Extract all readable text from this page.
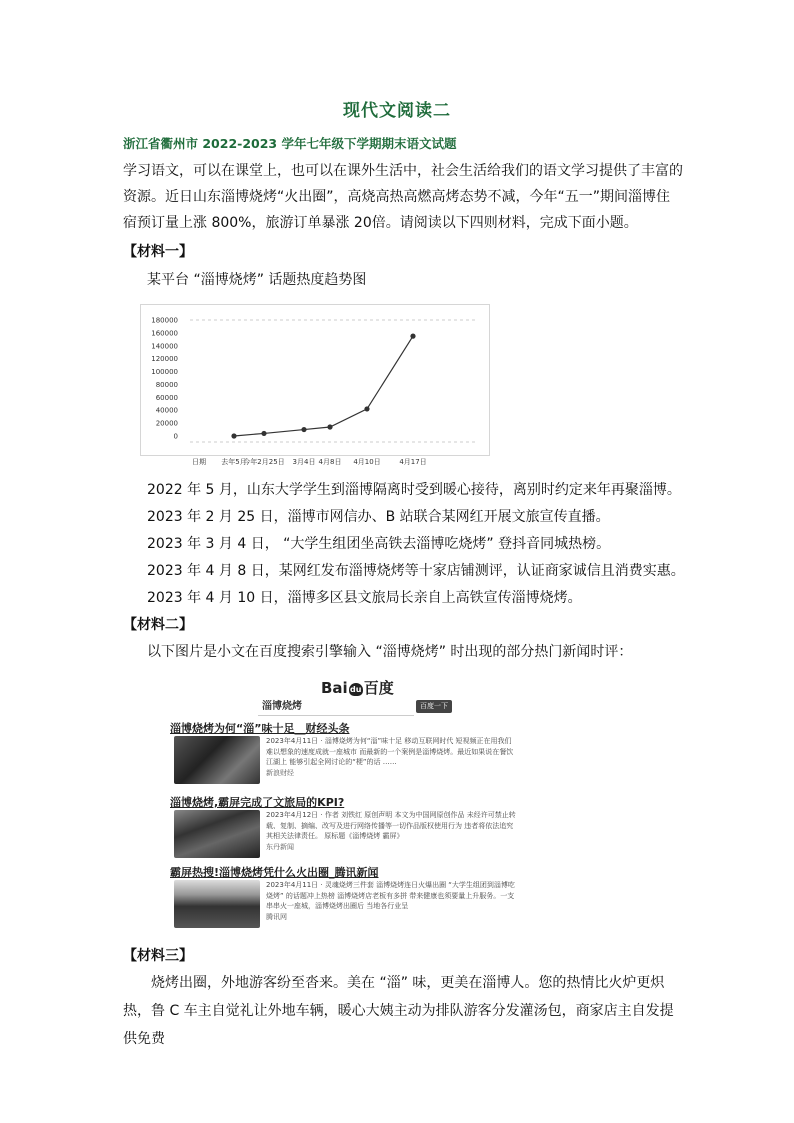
现代文阅读二
浙江省衢州市 2022-2023 学年七年级下学期期末语文试题
学习语文，可以在课堂上，也可以在课外生活中，社会生活给我们的语文学习提供了丰富的资源。近日山东淄博烧烤“火出圈”，高烧高热高燃高烤态势不减，今年“五一”期间淄博住宿预订量上涨 800%，旅游订单暴涨 20倍。请阅读以下四则材料，完成下面小题。
【材料一】
某平台 “淄博烧烤” 话题热度趋势图
180000
160000
140000
120000
100000
80000
60000
40000
20000
0
去年5月
今年2月25日 3月4日 4月8日 4月10日	4月17日
日期
2022 年 5 月，山东大学学生到淄博隔离时受到暖心接待，离别时约定来年再聚淄博。
2023 年 2 月 25 日，淄博市网信办、B 站联合某网红开展文旅宣传直播。
2023 年 3 月 4 日， “大学生组团坐高铁去淄博吃烧烤” 登抖音同城热榜。
2023 年 4 月 8 日，某网红发布淄博烧烤等十家店铺测评，认证商家诚信且消费实惠。
2023 年 4 月 10 日，淄博多区县文旅局长亲自上高铁宣传淄博烧烤。
【材料二】
以下图片是小文在百度搜索引擎输入 “淄博烧烤” 时出现的部分热门新闻时评：
Bai du 百度
淄博烧烤	百度一下
淄博烧烤为何“淄”味十足__财经头条
2023年4月11日 · 淄博烧烤为何“淄”味十足 移动互联网时代 短视频正在用我们难以想象的速度成就一座城市 而最新的一个案例是淄博烧烤。最近如果说在餐饮江湖上 能够引起全网讨论的“梗”的话 ……
新浪财经
淄博烧烤,霸屏完成了文旅局的KPI?
2023年4月12日 · 作者 刘铁红 原创声明 本文为中国网原创作品 未经许可禁止转载、复制、摘编、改写及进行网络传播等一切作品版权使用行为 违者将依法追究其相关法律责任。 原标题《淄博烧烤 霸屏》
东丹新闻
霸屏热搜!淄博烧烤凭什么火出圈_腾讯新闻
2023年4月11日 · 灵魂烧烤三件套 淄博烧烤连日火爆出圈 “大学生组团到淄博吃烧烤” 的话题冲上热榜 淄博烧烤店老板有多拼 带来健康也须要量上升服务。一支串串火一座城，淄博烧烤出圈后 当地各行业呈
腾讯网
【材料三】
烧烤出圈，外地游客纷至沓来。美在 “淄” 味，更美在淄博人。您的热情比火炉更炽热，鲁 C 车主自觉礼让外地车辆，暖心大姨主动为排队游客分发灌汤包，商家店主自发提供免费
